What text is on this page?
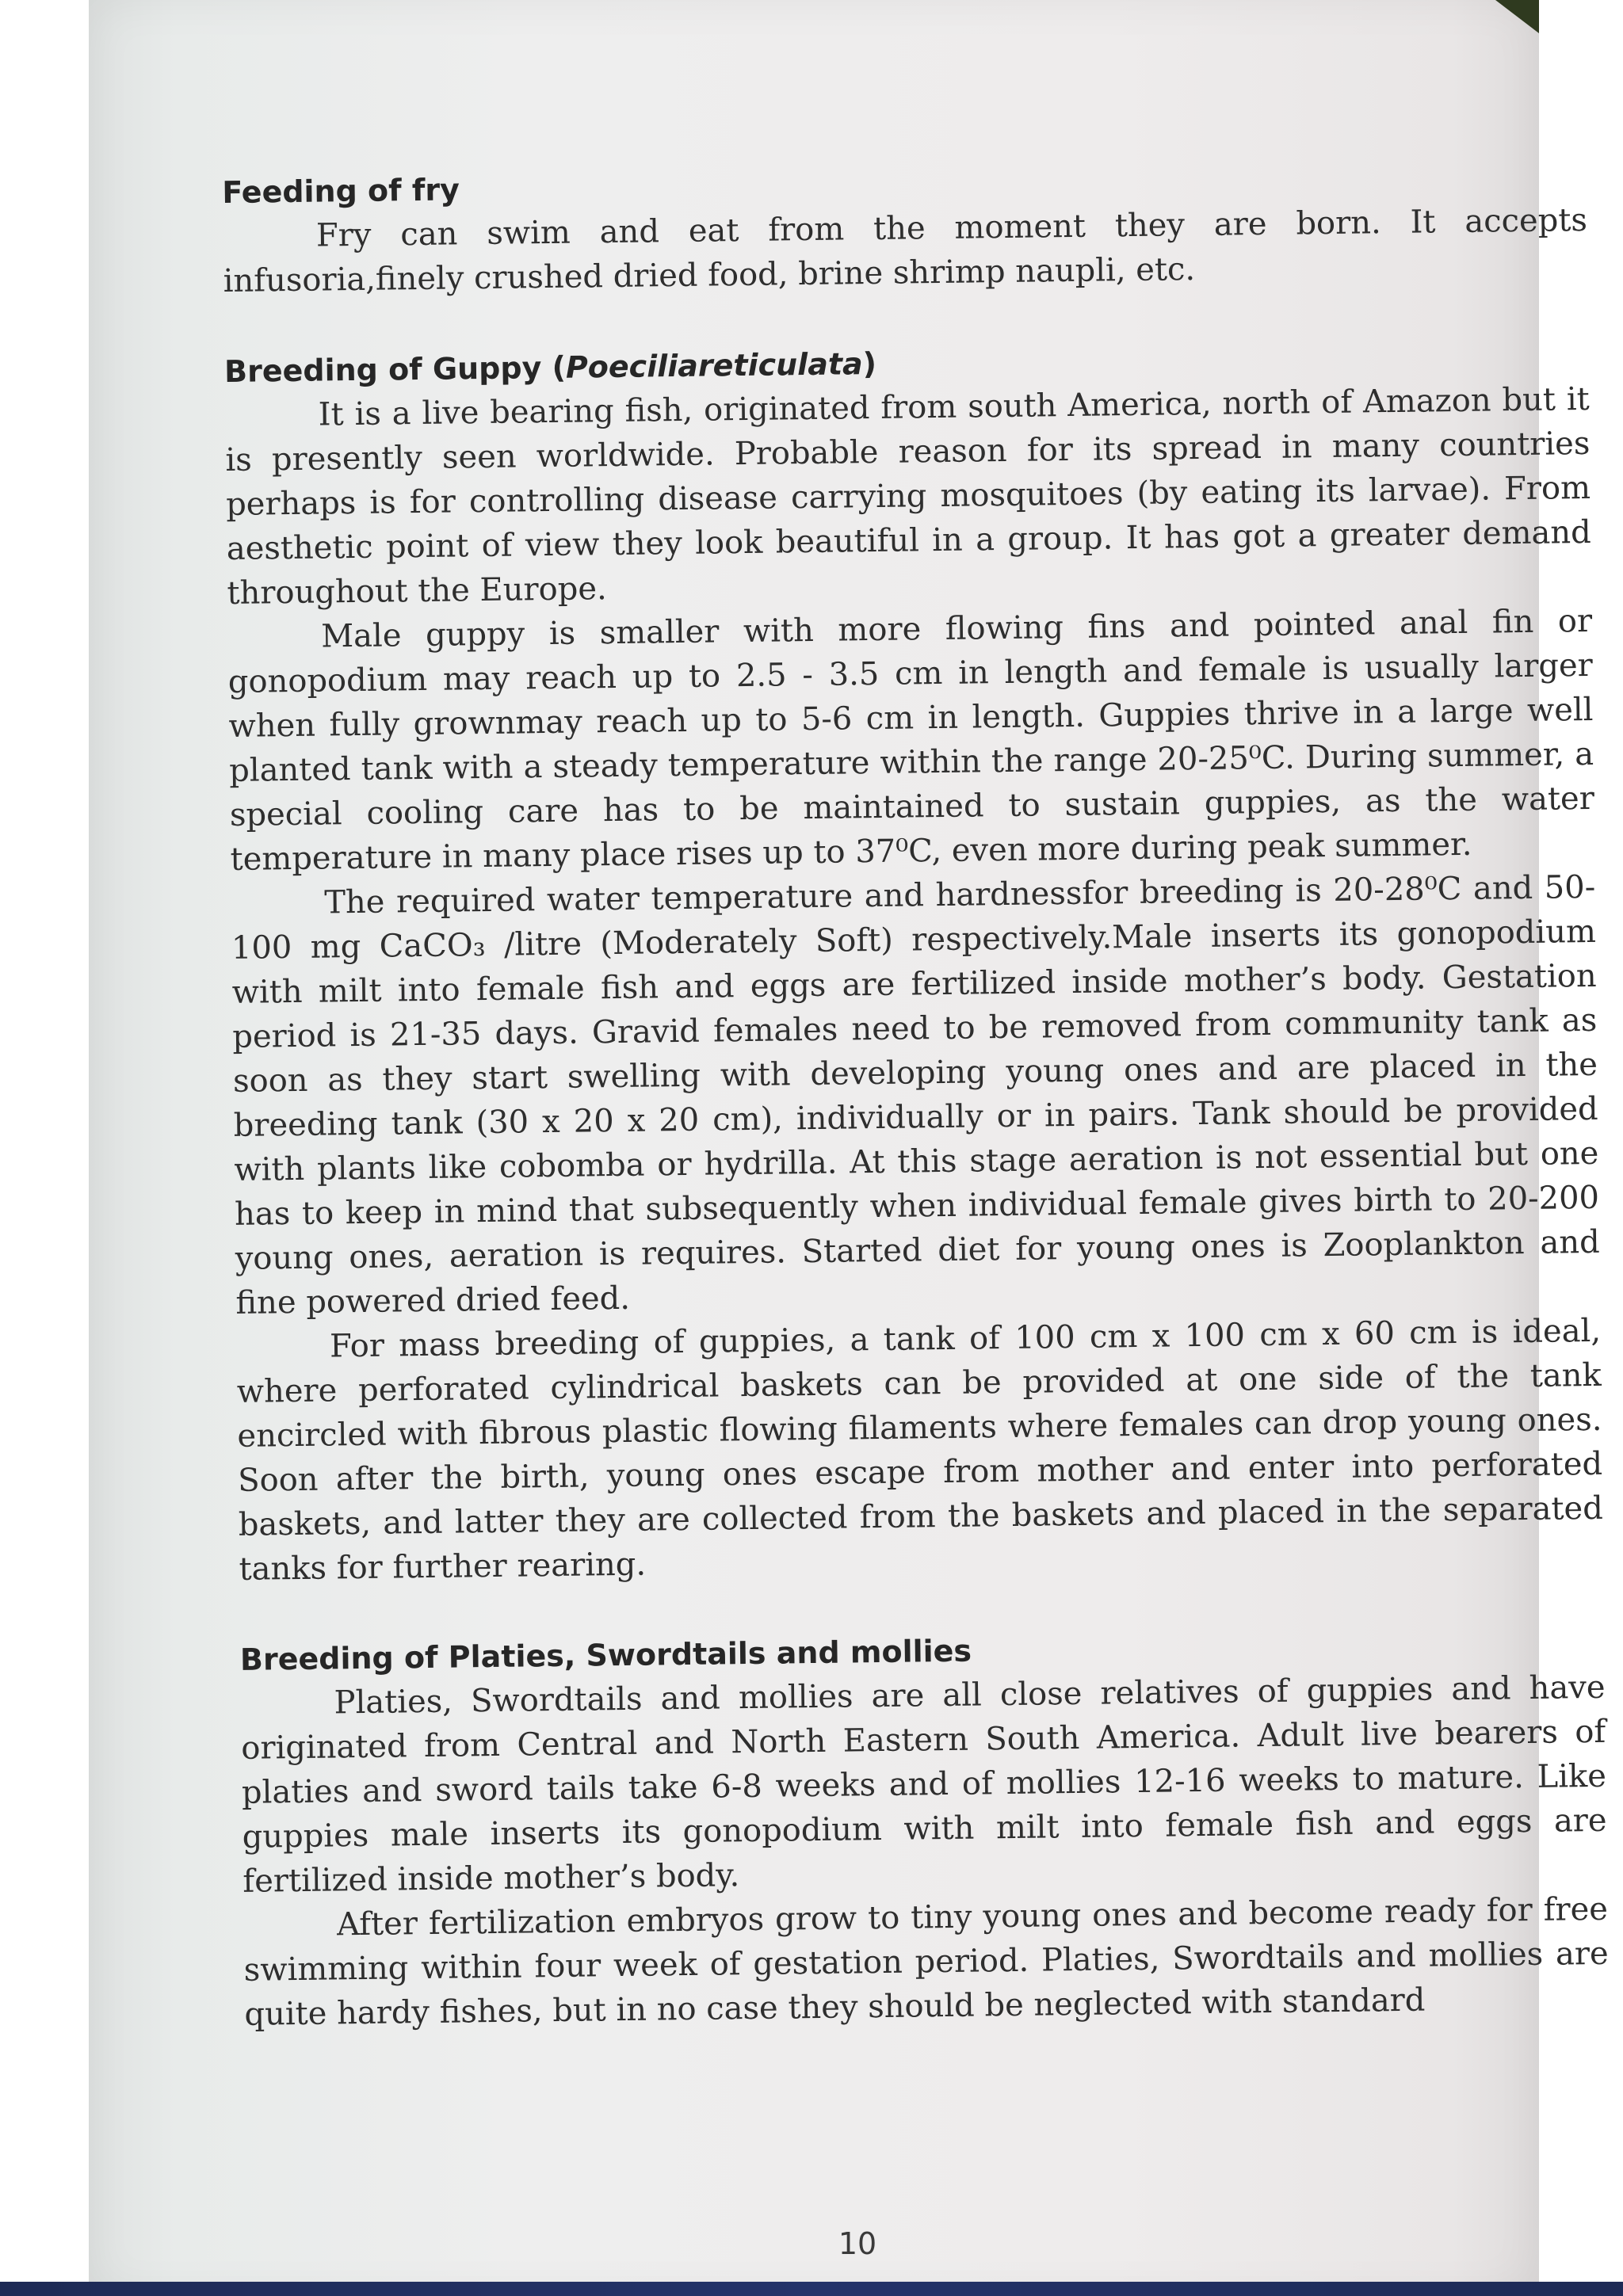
Feeding of fry

Fry can swim and eat from the moment they are born. It accepts infusoria,finely crushed dried food, brine shrimp naupli, etc.

Breeding of Guppy (Poeciliareticulata)

It is a live bearing fish, originated from south America, north of Amazon but it is presently seen worldwide. Probable reason for its spread in many countries perhaps is for controlling disease carrying mosquitoes (by eating its larvae). From aesthetic point of view they look beautiful in a group. It has got a greater demand throughout the Europe.

Male guppy is smaller with more flowing fins and pointed anal fin or gonopodium may reach up to 2.5 - 3.5 cm in length and female is usually larger when fully grownmay reach up to 5-6 cm in length. Guppies thrive in a large well planted tank with a steady temperature within the range 20-25⁰C. During summer, a special cooling care has to be maintained to sustain guppies, as the water temperature in many place rises up to 37⁰C, even more during peak summer.

The required water temperature and hardnessfor breeding is 20-28⁰C and 50-100 mg CaCO₃ /litre (Moderately Soft) respectively.Male inserts its gonopodium with milt into female fish and eggs are fertilized inside mother’s body. Gestation period is 21-35 days. Gravid females need to be removed from community tank as soon as they start swelling with developing young ones and are placed in the breeding tank (30 x 20 x 20 cm), individually or in pairs. Tank should be provided with plants like cobomba or hydrilla. At this stage aeration is not essential but one has to keep in mind that subsequently when individual female gives birth to 20-200 young ones, aeration is requires. Started diet for young ones is Zooplankton and fine powered dried feed.

For mass breeding of guppies, a tank of 100 cm x 100 cm x 60 cm is ideal, where perforated cylindrical baskets can be provided at one side of the tank encircled with fibrous plastic flowing filaments where females can drop young ones. Soon after the birth, young ones escape from mother and enter into perforated baskets, and latter they are collected from the baskets and placed in the separated tanks for further rearing.

Breeding of Platies, Swordtails and mollies

Platies, Swordtails and mollies are all close relatives of guppies and have originated from Central and North Eastern South America. Adult live bearers of platies and sword tails take 6-8 weeks and of mollies 12-16 weeks to mature. Like guppies male inserts its gonopodium with milt into female fish and eggs are fertilized inside mother’s body.

After fertilization embryos grow to tiny young ones and become ready for free swimming within four week of gestation period. Platies, Swordtails and mollies are quite hardy fishes, but in no case they should be neglected with standard

10
